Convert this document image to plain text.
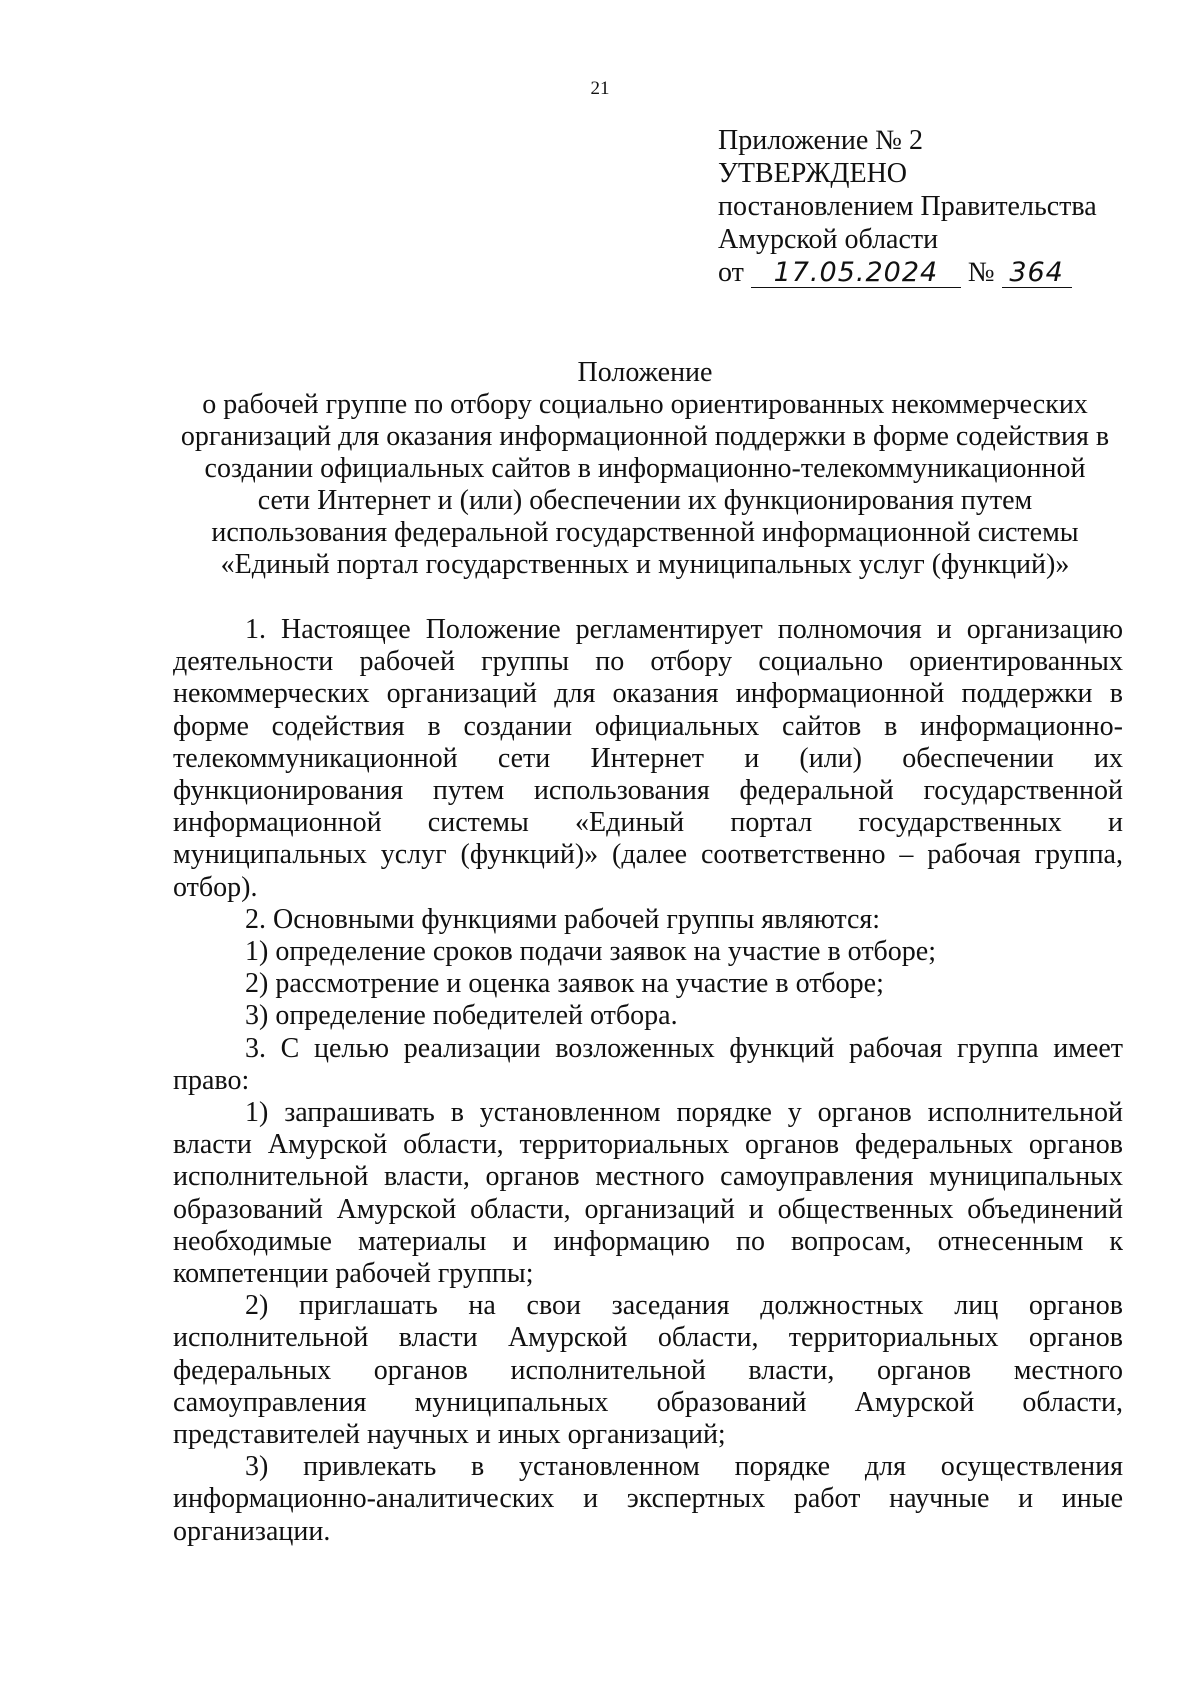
21
Приложение № 2
УТВЕРЖДЕНО
постановлением Правительства
Амурской области
от 17.05.2024 № 364
Положение
о рабочей группе по отбору социально ориентированных некоммерческих
организаций для оказания информационной поддержки в форме содействия в
создании официальных сайтов в информационно-телекоммуникационной
сети Интернет и (или) обеспечении их функционирования путем
использования федеральной государственной информационной системы
«Единый портал государственных и муниципальных услуг (функций)»

1. Настоящее Положение регламентирует полномочия и организацию деятельности рабочей группы по отбору социально ориентированных некоммерческих организаций для оказания информационной поддержки в форме содействия в создании официальных сайтов в информационно-телекоммуникационной сети Интернет и (или) обеспечении их функционирования путем использования федеральной государственной информационной системы «Единый портал государственных и муниципальных услуг (функций)» (далее соответственно – рабочая группа, отбор).

2. Основными функциями рабочей группы являются:

1) определение сроков подачи заявок на участие в отборе;

2) рассмотрение и оценка заявок на участие в отборе;

3) определение победителей отбора.

3. С целью реализации возложенных функций рабочая группа имеет право:

1) запрашивать в установленном порядке у органов исполнительной власти Амурской области, территориальных органов федеральных органов исполнительной власти, органов местного самоуправления муниципальных образований Амурской области, организаций и общественных объединений необходимые материалы и информацию по вопросам, отнесенным к компетенции рабочей группы;

2) приглашать на свои заседания должностных лиц органов исполнительной власти Амурской области, территориальных органов федеральных органов исполнительной власти, органов местного самоуправления муниципальных образований Амурской области, представителей научных и иных организаций;

3) привлекать в установленном порядке для осуществления информационно-аналитических и экспертных работ научные и иные организации.
